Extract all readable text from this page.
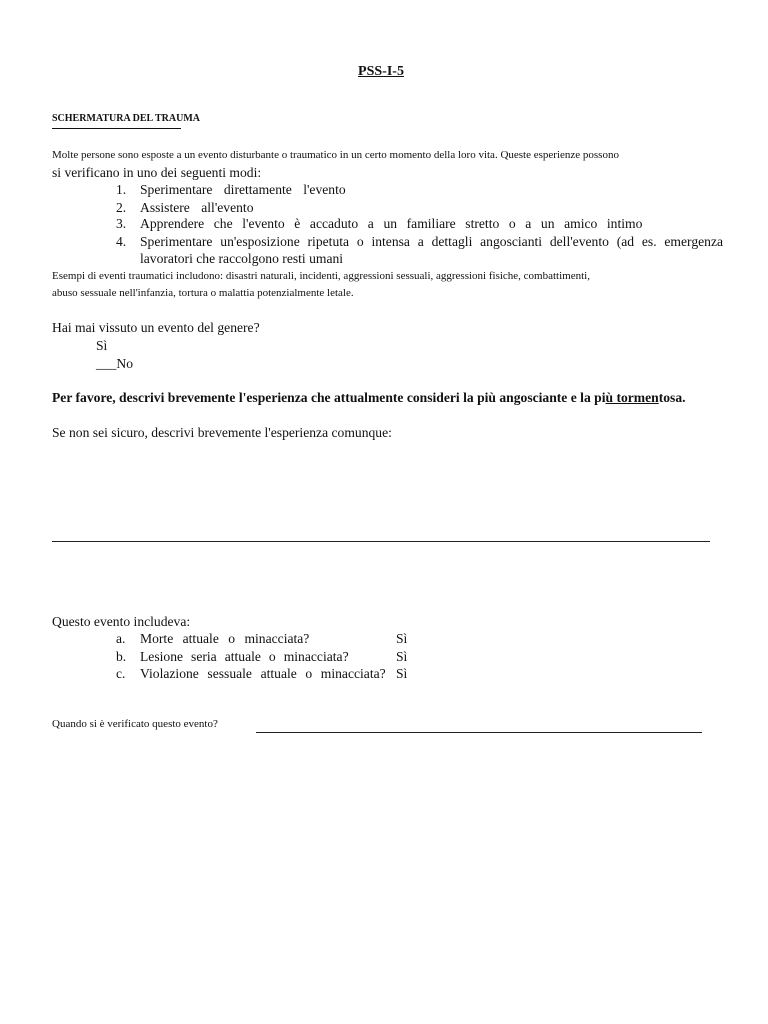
PSS-I-5
SCHERMATURA DEL TRAUMA
Molte persone sono esposte a un evento disturbante o traumatico in un certo momento della loro vita. Queste esperienze possono
si verificano in uno dei seguenti modi:
1. Sperimentare direttamente l'evento
2. Assistere all'evento
3. Apprendere che l'evento è accaduto a un familiare stretto o a un amico intimo
4. Sperimentare un'esposizione ripetuta o intensa a dettagli angoscianti dell'evento (ad es. emergenza
lavoratori che raccolgono resti umani
Esempi di eventi traumatici includono: disastri naturali, incidenti, aggressioni sessuali, aggressioni fisiche, combattimenti,
abuso sessuale nell'infanzia, tortura o malattia potenzialmente letale.
Hai mai vissuto un evento del genere?
Sì
___No
Per favore, descrivi brevemente l'esperienza che attualmente consideri la più angosciante e la più tormentosa.
Se non sei sicuro, descrivi brevemente l'esperienza comunque:
Questo evento includeva:
a. Morte attuale o minacciata?	Sì
b. Lesione seria attuale o minacciata?	Sì
c. Violazione sessuale attuale o minacciata? Sì
Quando si è verificato questo evento?
